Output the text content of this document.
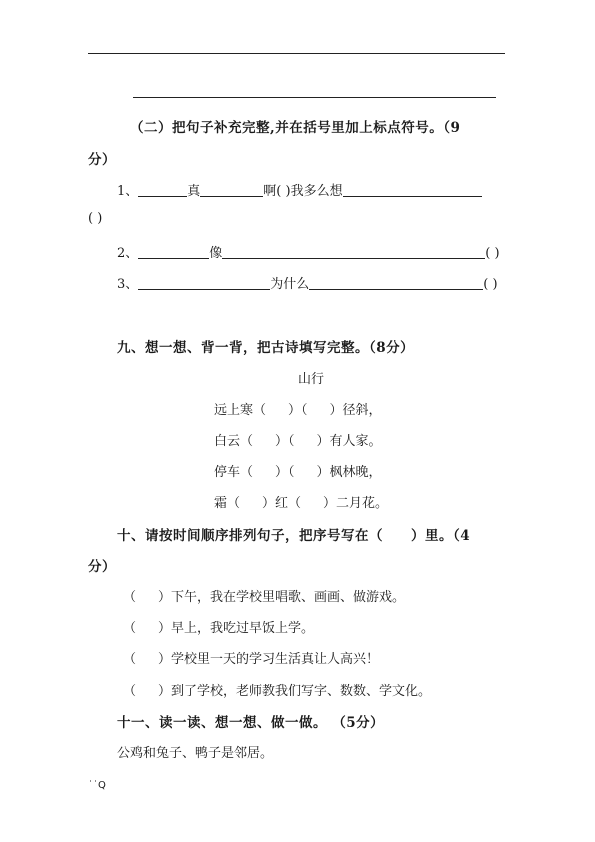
（二）把句子补充完整,并在括号里加上标点符号。（9
分）
1、	真	啊( )我多么想
( )
2、	像	( )
3、	为什么	( )
九、想一想、背一背，把古诗填写完整。（8分）
山行
远上寒（ ）（ ）径斜，
白云（ ）（ ）有人家。
停车（ ）（ ）枫林晚，
霜（ ）红（ ）二月花。
十、请按时间顺序排列句子，把序号写在（　　）里。（4
分）
（ ）下午，我在学校里唱歌、画画、做游戏。
（ ）早上，我吃过早饭上学。
（ ）学校里一天的学习生活真让人高兴！
（ ）到了学校，老师教我们写字、数数、学文化。
十一、读一读、想一想、做一做。 （5分）
公鸡和兔子、鸭子是邻居。
˙˙Q
